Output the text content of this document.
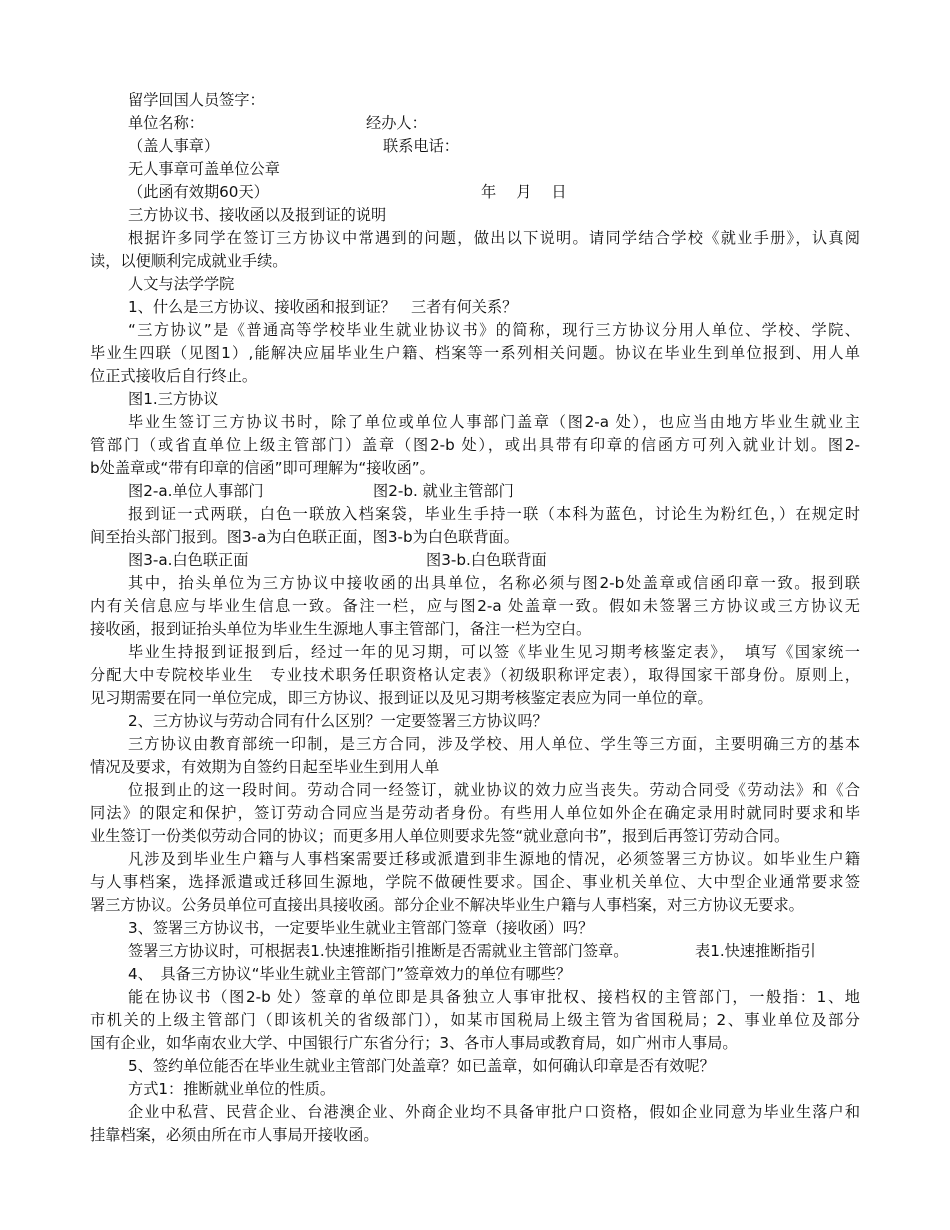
留学回国人员签字：
单位名称：	经办人：
（盖人事章）	联系电话：
无人事章可盖单位公章
（此函有效期60天）	年　 月　 日
三方协议书、接收函以及报到证的说明
根据许多同学在签订三方协议中常遇到的问题，做出以下说明。请同学结合学校《就业手册》，认真阅
读，以便顺利完成就业手续。
人文与法学学院
1、什么是三方协议、接收函和报到证？　三者有何关系？
“三方协议”是《普通高等学校毕业生就业协议书》的简称，现行三方协议分用人单位、学校、学院、
毕业生四联（见图1）,能解决应届毕业生户籍、档案等一系列相关问题。协议在毕业生到单位报到、用人单
位正式接收后自行终止。
图1.三方协议
毕业生签订三方协议书时，除了单位或单位人事部门盖章（图2-a 处），也应当由地方毕业生就业主
管部门（或省直单位上级主管部门）盖章（图2-b 处），或出具带有印章的信函方可列入就业计划。图2-
b处盖章或“带有印章的信函”即可理解为“接收函”。
图2-a.单位人事部门	图2-b. 就业主管部门
报到证一式两联，白色一联放入档案袋，毕业生手持一联（本科为蓝色，讨论生为粉红色，）在规定时
间至抬头部门报到。图3-a为白色联正面，图3-b为白色联背面。
图3-a.白色联正面	图3-b.白色联背面
其中，抬头单位为三方协议中接收函的出具单位，名称必须与图2-b处盖章或信函印章一致。报到联
内有关信息应与毕业生信息一致。备注一栏，应与图2-a 处盖章一致。假如未签署三方协议或三方协议无
接收函，报到证抬头单位为毕业生生源地人事主管部门，备注一栏为空白。
毕业生持报到证报到后，经过一年的见习期，可以签《毕业生见习期考核鉴定表》，　填写《国家统一
分配大中专院校毕业生　专业技术职务任职资格认定表》（初级职称评定表），取得国家干部身份。原则上，
见习期需要在同一单位完成，即三方协议、报到证以及见习期考核鉴定表应为同一单位的章。
2、三方协议与劳动合同有什么区别？一定要签署三方协议吗？
三方协议由教育部统一印制，是三方合同，涉及学校、用人单位、学生等三方面，主要明确三方的基本
情况及要求，有效期为自签约日起至毕业生到用人单
位报到止的这一段时间。劳动合同一经签订，就业协议的效力应当丧失。劳动合同受《劳动法》和《合
同法》的限定和保护，签订劳动合同应当是劳动者身份。有些用人单位如外企在确定录用时就同时要求和毕
业生签订一份类似劳动合同的协议；而更多用人单位则要求先签“就业意向书”，报到后再签订劳动合同。
凡涉及到毕业生户籍与人事档案需要迁移或派遣到非生源地的情况，必须签署三方协议。如毕业生户籍
与人事档案，选择派遣或迁移回生源地，学院不做硬性要求。国企、事业机关单位、大中型企业通常要求签
署三方协议。公务员单位可直接出具接收函。部分企业不解决毕业生户籍与人事档案，对三方协议无要求。
3、签署三方协议书，一定要毕业生就业主管部门签章（接收函）吗？
签署三方协议时，可根据表1.快速推断指引推断是否需就业主管部门签章。	表1.快速推断指引
4、　具备三方协议“毕业生就业主管部门”签章效力的单位有哪些？
能在协议书（图2-b 处）签章的单位即是具备独立人事审批权、接档权的主管部门，一般指：1、地
市机关的上级主管部门（即该机关的省级部门），如某市国税局上级主管为省国税局；2、事业单位及部分
国有企业，如华南农业大学、中国银行广东省分行；3、各市人事局或教育局，如广州市人事局。
5、签约单位能否在毕业生就业主管部门处盖章？如已盖章，如何确认印章是否有效呢？
方式1：推断就业单位的性质。
企业中私营、民营企业、台港澳企业、外商企业均不具备审批户口资格，假如企业同意为毕业生落户和
挂靠档案，必须由所在市人事局开接收函。
